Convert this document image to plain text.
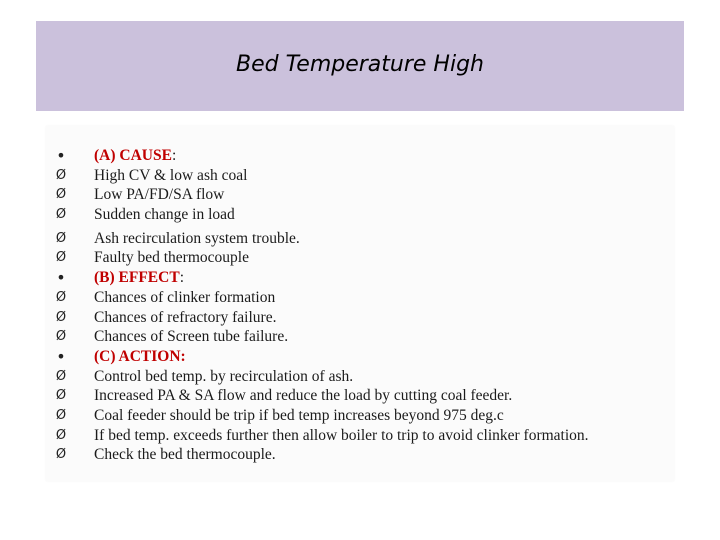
Bed Temperature High
• (A) CAUSE:
Ø High CV & low ash coal
Ø Low PA/FD/SA flow
Ø Sudden change in load
Ø Ash recirculation system trouble.
Ø Faulty bed thermocouple
• (B) EFFECT:
Ø Chances of clinker formation
Ø Chances of refractory failure.
Ø Chances of Screen tube failure.
• (C) ACTION:
Ø Control bed temp. by recirculation of ash.
Ø Increased PA & SA flow and reduce the load by cutting coal feeder.
Ø Coal feeder should be trip if bed temp increases beyond 975 deg.c
Ø If bed temp. exceeds further then allow boiler to trip to avoid clinker formation.
Ø Check the bed thermocouple.
